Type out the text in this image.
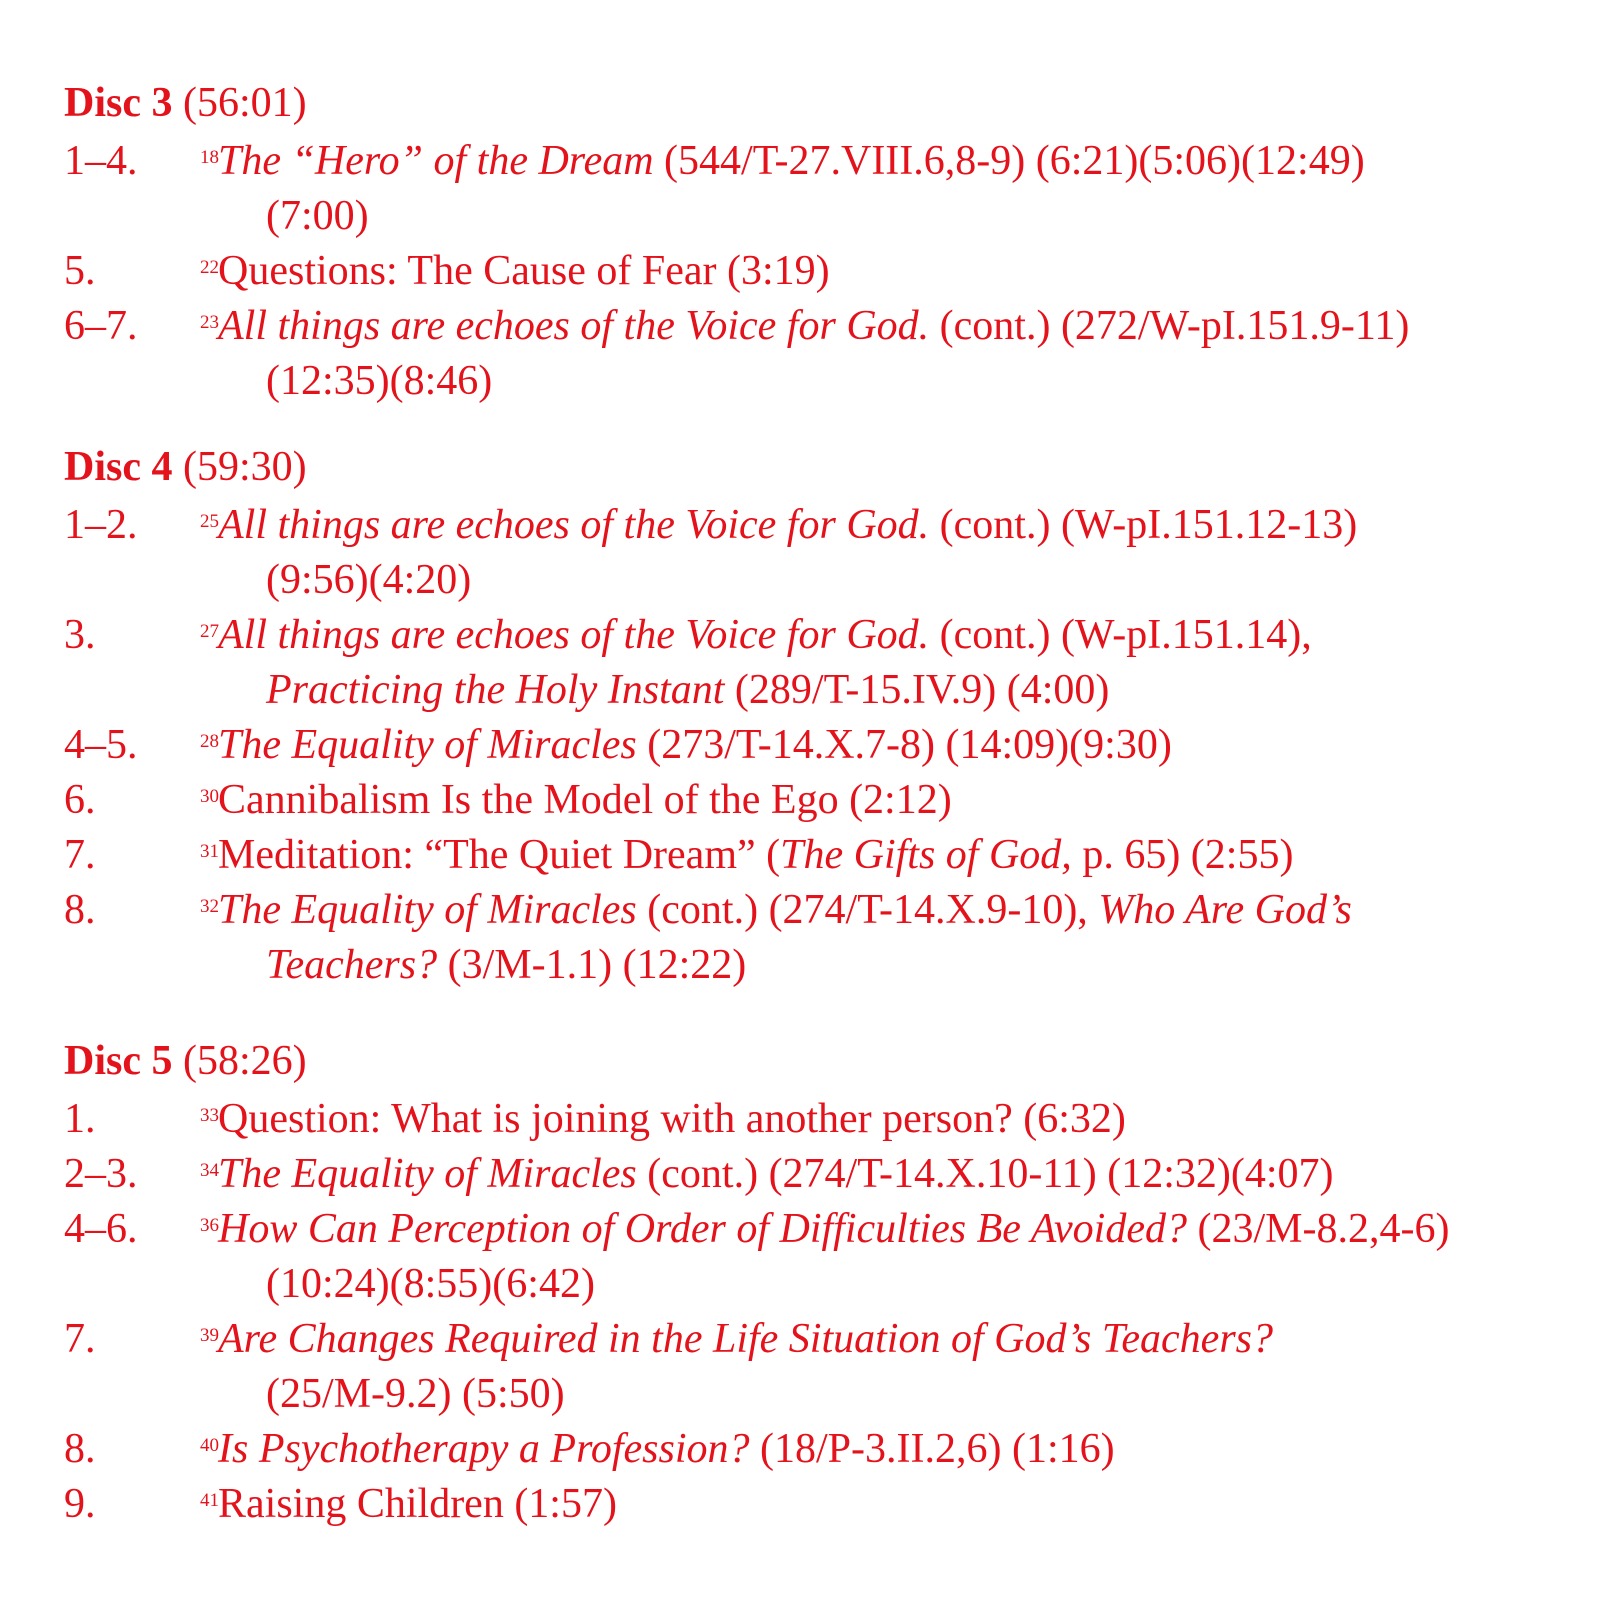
Disc 3 (56:01)
1–4.	18The “Hero” of the Dream (544/T-27.VIII.6,8-9) (6:21)(5:06)(12:49)
(7:00)
5.	22Questions: The Cause of Fear (3:19)
6–7.	23All things are echoes of the Voice for God. (cont.) (272/W-pI.151.9-11)
(12:35)(8:46)
Disc 4 (59:30)
1–2.	25All things are echoes of the Voice for God. (cont.) (W-pI.151.12-13)
(9:56)(4:20)
3.	27All things are echoes of the Voice for God. (cont.) (W-pI.151.14),
Practicing the Holy Instant (289/T-15.IV.9) (4:00)
4–5.	28The Equality of Miracles (273/T-14.X.7-8) (14:09)(9:30)
6.	30Cannibalism Is the Model of the Ego (2:12)
7.	31Meditation: “The Quiet Dream” (The Gifts of God, p. 65) (2:55)
8.	32The Equality of Miracles (cont.) (274/T-14.X.9-10), Who Are God’s
Teachers? (3/M-1.1) (12:22)
Disc 5 (58:26)
1.	33Question: What is joining with another person? (6:32)
2–3.	34The Equality of Miracles (cont.) (274/T-14.X.10-11) (12:32)(4:07)
4–6.	36How Can Perception of Order of Difficulties Be Avoided? (23/M-8.2,4-6)
(10:24)(8:55)(6:42)
7.	39Are Changes Required in the Life Situation of God’s Teachers?
(25/M-9.2) (5:50)
8.	40Is Psychotherapy a Profession? (18/P-3.II.2,6) (1:16)
9.	41Raising Children (1:57)
